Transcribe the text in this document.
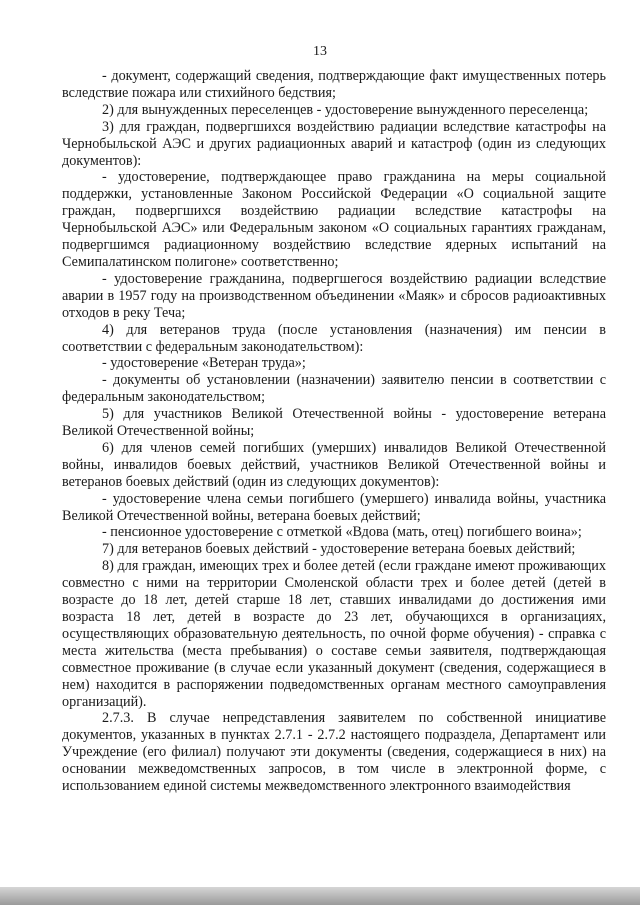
13

- документ, содержащий сведения, подтверждающие факт имущественных потерь вследствие пожара или стихийного бедствия;

2) для вынужденных переселенцев - удостоверение вынужденного переселенца;

3) для граждан, подвергшихся воздействию радиации вследствие катастрофы на Чернобыльской АЭС и других радиационных аварий и катастроф (один из следующих документов):

- удостоверение, подтверждающее право гражданина на меры социальной поддержки, установленные Законом Российской Федерации «О социальной защите граждан, подвергшихся воздействию радиации вследствие катастрофы на Чернобыльской АЭС» или Федеральным законом «О социальных гарантиях гражданам, подвергшимся радиационному воздействию вследствие ядерных испытаний на Семипалатинском полигоне» соответственно;

- удостоверение гражданина, подвергшегося воздействию радиации вследствие аварии в 1957 году на производственном объединении «Маяк» и сбросов радиоактивных отходов в реку Теча;

4) для ветеранов труда (после установления (назначения) им пенсии в соответствии с федеральным законодательством):

- удостоверение «Ветеран труда»;

- документы об установлении (назначении) заявителю пенсии в соответствии с федеральным законодательством;

5) для участников Великой Отечественной войны - удостоверение ветерана Великой Отечественной войны;

6) для членов семей погибших (умерших) инвалидов Великой Отечественной войны, инвалидов боевых действий, участников Великой Отечественной войны и ветеранов боевых действий (один из следующих документов):

- удостоверение члена семьи погибшего (умершего) инвалида войны, участника Великой Отечественной войны, ветерана боевых действий;

- пенсионное удостоверение с отметкой «Вдова (мать, отец) погибшего воина»;

7) для ветеранов боевых действий - удостоверение ветерана боевых действий;

8) для граждан, имеющих трех и более детей (если граждане имеют проживающих совместно с ними на территории Смоленской области трех и более детей (детей в возрасте до 18 лет, детей старше 18 лет, ставших инвалидами до достижения ими возраста 18 лет, детей в возрасте до 23 лет, обучающихся в организациях, осуществляющих образовательную деятельность, по очной форме обучения) - справка с места жительства (места пребывания) о составе семьи заявителя, подтверждающая совместное проживание (в случае если указанный документ (сведения, содержащиеся в нем) находится в распоряжении подведомственных органам местного самоуправления организаций).

2.7.3. В случае непредставления заявителем по собственной инициативе документов, указанных в пунктах 2.7.1 - 2.7.2 настоящего подраздела, Департамент или Учреждение (его филиал) получают эти документы (сведения, содержащиеся в них) на основании межведомственных запросов, в том числе в электронной форме, с использованием единой системы межведомственного электронного взаимодействия
